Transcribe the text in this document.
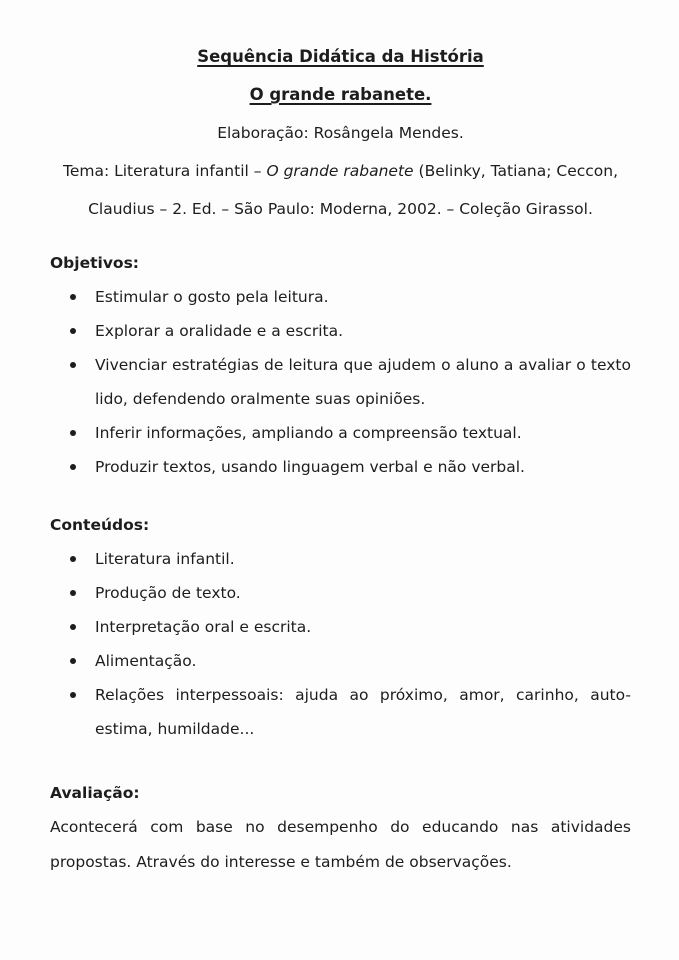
Sequência Didática da História
O grande rabanete.
Elaboração: Rosângela Mendes.
Tema: Literatura infantil – O grande rabanete (Belinky, Tatiana; Ceccon, Claudius – 2. Ed. – São Paulo: Moderna, 2002. – Coleção Girassol.
Objetivos:
Estimular o gosto pela leitura.
Explorar a oralidade e a escrita.
Vivenciar estratégias de leitura que ajudem o aluno a avaliar o texto lido, defendendo oralmente suas opiniões.
Inferir informações, ampliando a compreensão textual.
Produzir textos, usando linguagem verbal e não verbal.
Conteúdos:
Literatura infantil.
Produção de texto.
Interpretação oral e escrita.
Alimentação.
Relações interpessoais: ajuda ao próximo, amor, carinho, auto-estima, humildade...
Avaliação:
Acontecerá com base no desempenho do educando nas atividades propostas. Através do interesse e também de observações.
